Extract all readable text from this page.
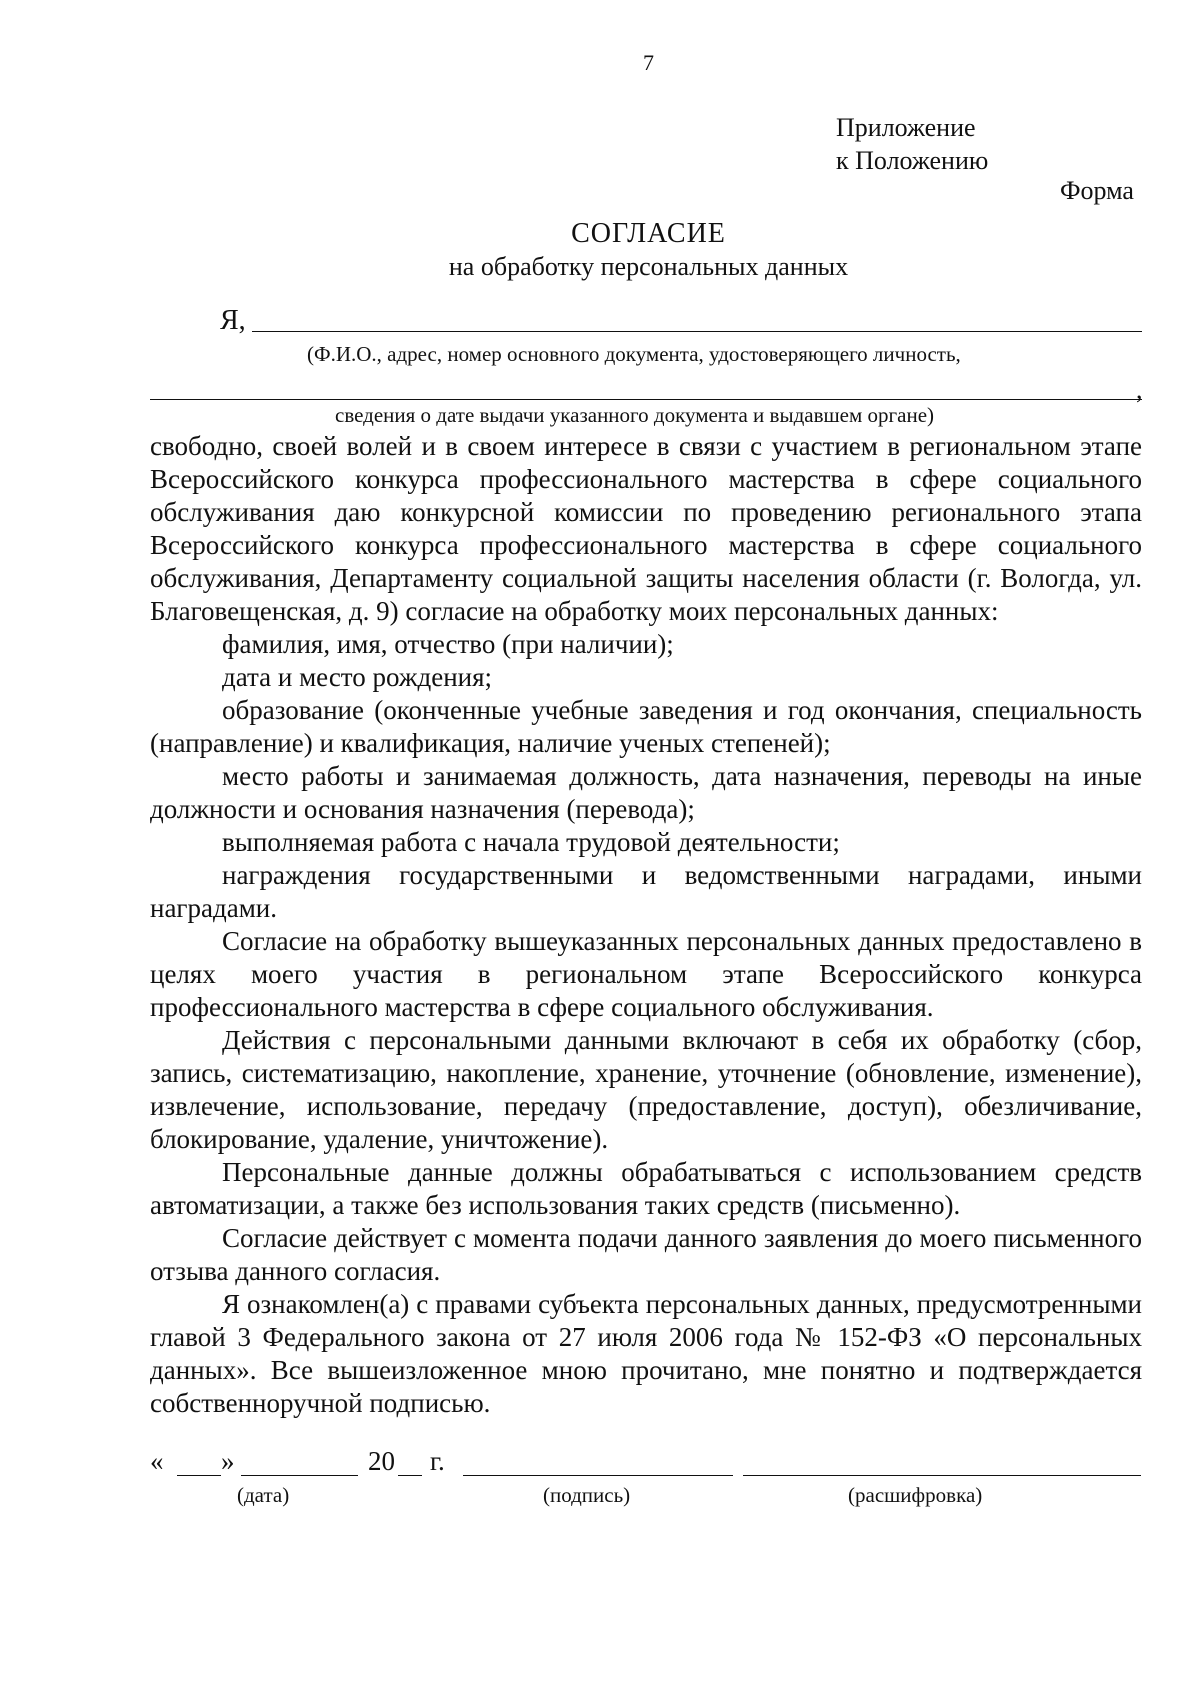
7
Приложение
к Положению
Форма
СОГЛАСИЕ
на обработку персональных данных
Я,
(Ф.И.О., адрес, номер основного документа, удостоверяющего личность,
,
сведения о дате выдачи указанного документа и выдавшем органе)

свободно, своей волей и в своем интересе в связи с участием в региональном этапе Всероссийского конкурса профессионального мастерства в сфере социального обслуживания даю конкурсной комиссии по проведению регионального этапа Всероссийского конкурса профессионального мастерства в сфере социального обслуживания, Департаменту социальной защиты населения области (г. Вологда, ул. Благовещенская, д. 9) согласие на обработку моих персональных данных:

фамилия, имя, отчество (при наличии);

дата и место рождения;

образование (оконченные учебные заведения и год окончания, специальность (направление) и квалификация, наличие ученых степеней);

место работы и занимаемая должность, дата назначения, переводы на иные должности и основания назначения (перевода);

выполняемая работа с начала трудовой деятельности;

награждения государственными и ведомственными наградами, иными наградами.

Согласие на обработку вышеуказанных персональных данных предоставлено в целях моего участия в региональном этапе Всероссийского конкурса профессионального мастерства в сфере социального обслуживания.

Действия с персональными данными включают в себя их обработку (сбор, запись, систематизацию, накопление, хранение, уточнение (обновление, изменение), извлечение, использование, передачу (предоставление, доступ), обезличивание, блокирование, удаление, уничтожение).

Персональные данные должны обрабатываться с использованием средств автоматизации, а также без использования таких средств (письменно).

Согласие действует с момента подачи данного заявления до моего письменного отзыва данного согласия.

Я ознакомлен(а) с правами субъекта персональных данных, предусмотренными главой 3 Федерального закона от 27 июля 2006 года № 152-ФЗ «О персональных данных». Все вышеизложенное мною прочитано, мне понятно и подтверждается собственноручной подписью.

« »	20 г.
(дата)	(подпись)	(расшифровка)
